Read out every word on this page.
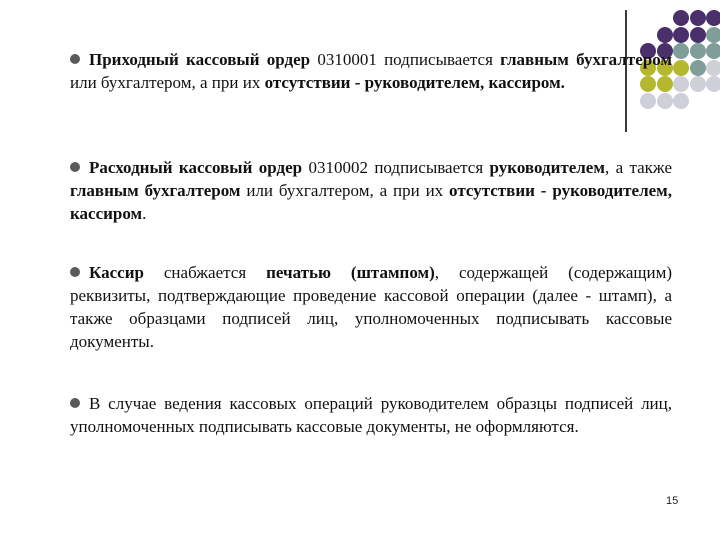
Приходный кассовый ордер 0310001 подписывается главным бухгалтером или бухгалтером, а при их отсутствии - руководителем, кассиром.

Расходный кассовый ордер 0310002 подписывается руководителем, а также главным бухгалтером или бухгалтером, а при их отсутствии - руководителем, кассиром.

Кассир снабжается печатью (штампом), содержащей (содержащим) реквизиты, подтверждающие проведение кассовой операции (далее - штамп), а также образцами подписей лиц, уполномоченных подписывать кассовые документы.

В случае ведения кассовых операций руководителем образцы подписей лиц, уполномоченных подписывать кассовые документы, не оформляются.

15
